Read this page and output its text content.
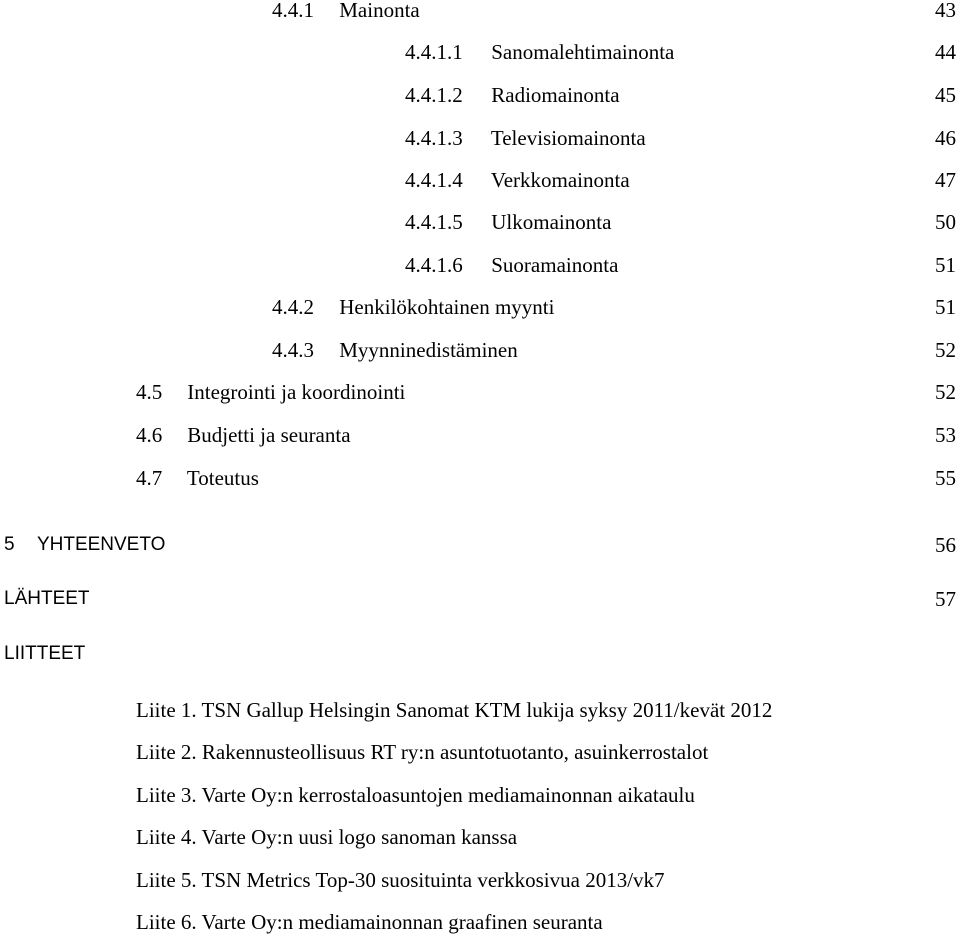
4.4.1 Mainonta	43
4.4.1.1 Sanomalehtimainonta	44
4.4.1.2 Radiomainonta	45
4.4.1.3 Televisiomainonta	46
4.4.1.4 Verkkomainonta	47
4.4.1.5 Ulkomainonta	50
4.4.1.6 Suoramainonta	51
4.4.2 Henkilökohtainen myynti	51
4.4.3 Myynninedistäminen	52
4.5 Integrointi ja koordinointi	52
4.6 Budjetti ja seuranta	53
4.7 Toteutus	55
5 YHTEENVETO	56
LÄHTEET	57
LIITTEET
Liite 1. TSN Gallup Helsingin Sanomat KTM lukija syksy 2011/kevät 2012
Liite 2. Rakennusteollisuus RT ry:n asuntotuotanto, asuinkerrostalot
Liite 3. Varte Oy:n kerrostaloasuntojen mediamainonnan aikataulu
Liite 4. Varte Oy:n uusi logo sanoman kanssa
Liite 5. TSN Metrics Top-30 suosituinta verkkosivua 2013/vk7
Liite 6. Varte Oy:n mediamainonnan graafinen seuranta
